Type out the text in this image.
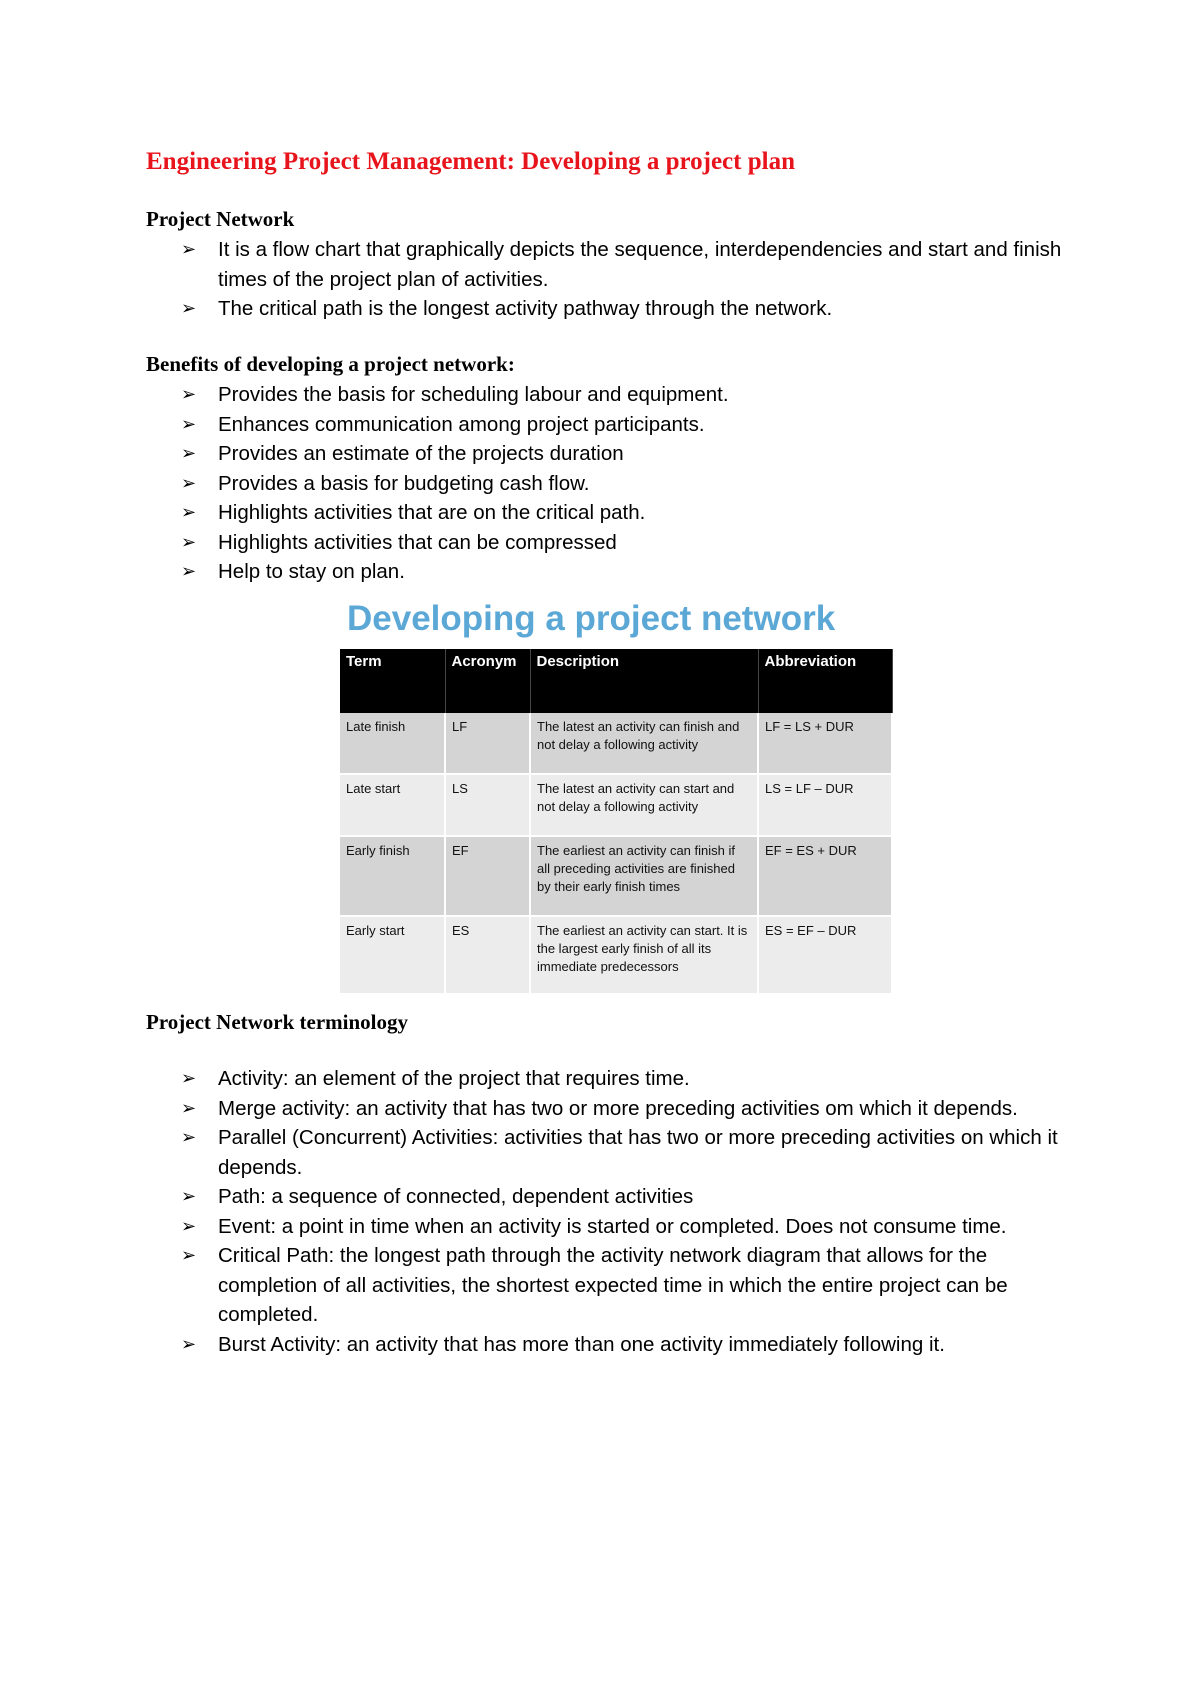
Engineering Project Management: Developing a project plan
Project Network
➢ It is a flow chart that graphically depicts the sequence, interdependencies and start and finish times of the project plan of activities.
➢ The critical path is the longest activity pathway through the network.
Benefits of developing a project network:
➢ Provides the basis for scheduling labour and equipment.
➢ Enhances communication among project participants.
➢ Provides an estimate of the projects duration
➢ Provides a basis for budgeting cash flow.
➢ Highlights activities that are on the critical path.
➢ Highlights activities that can be compressed
➢ Help to stay on plan.

Developing a project network

Term	Acronym	Description	Abbreviation
Late finish	LF	The latest an activity can finish and not delay a following activity	LF = LS + DUR
Late start	LS	The latest an activity can start and not delay a following activity	LS = LF – DUR
Early finish	EF	The earliest an activity can finish if all preceding activities are finished by their early finish times	EF = ES + DUR
Early start	ES	The earliest an activity can start. It is the largest early finish of all its immediate predecessors	ES = EF – DUR
Project Network terminology
➢ Activity: an element of the project that requires time.
➢ Merge activity: an activity that has two or more preceding activities om which it depends.
➢ Parallel (Concurrent) Activities: activities that has two or more preceding activities on which it depends.
➢ Path: a sequence of connected, dependent activities
➢ Event: a point in time when an activity is started or completed. Does not consume time.
➢ Critical Path: the longest path through the activity network diagram that allows for the completion of all activities, the shortest expected time in which the entire project can be completed.
➢ Burst Activity: an activity that has more than one activity immediately following it.
